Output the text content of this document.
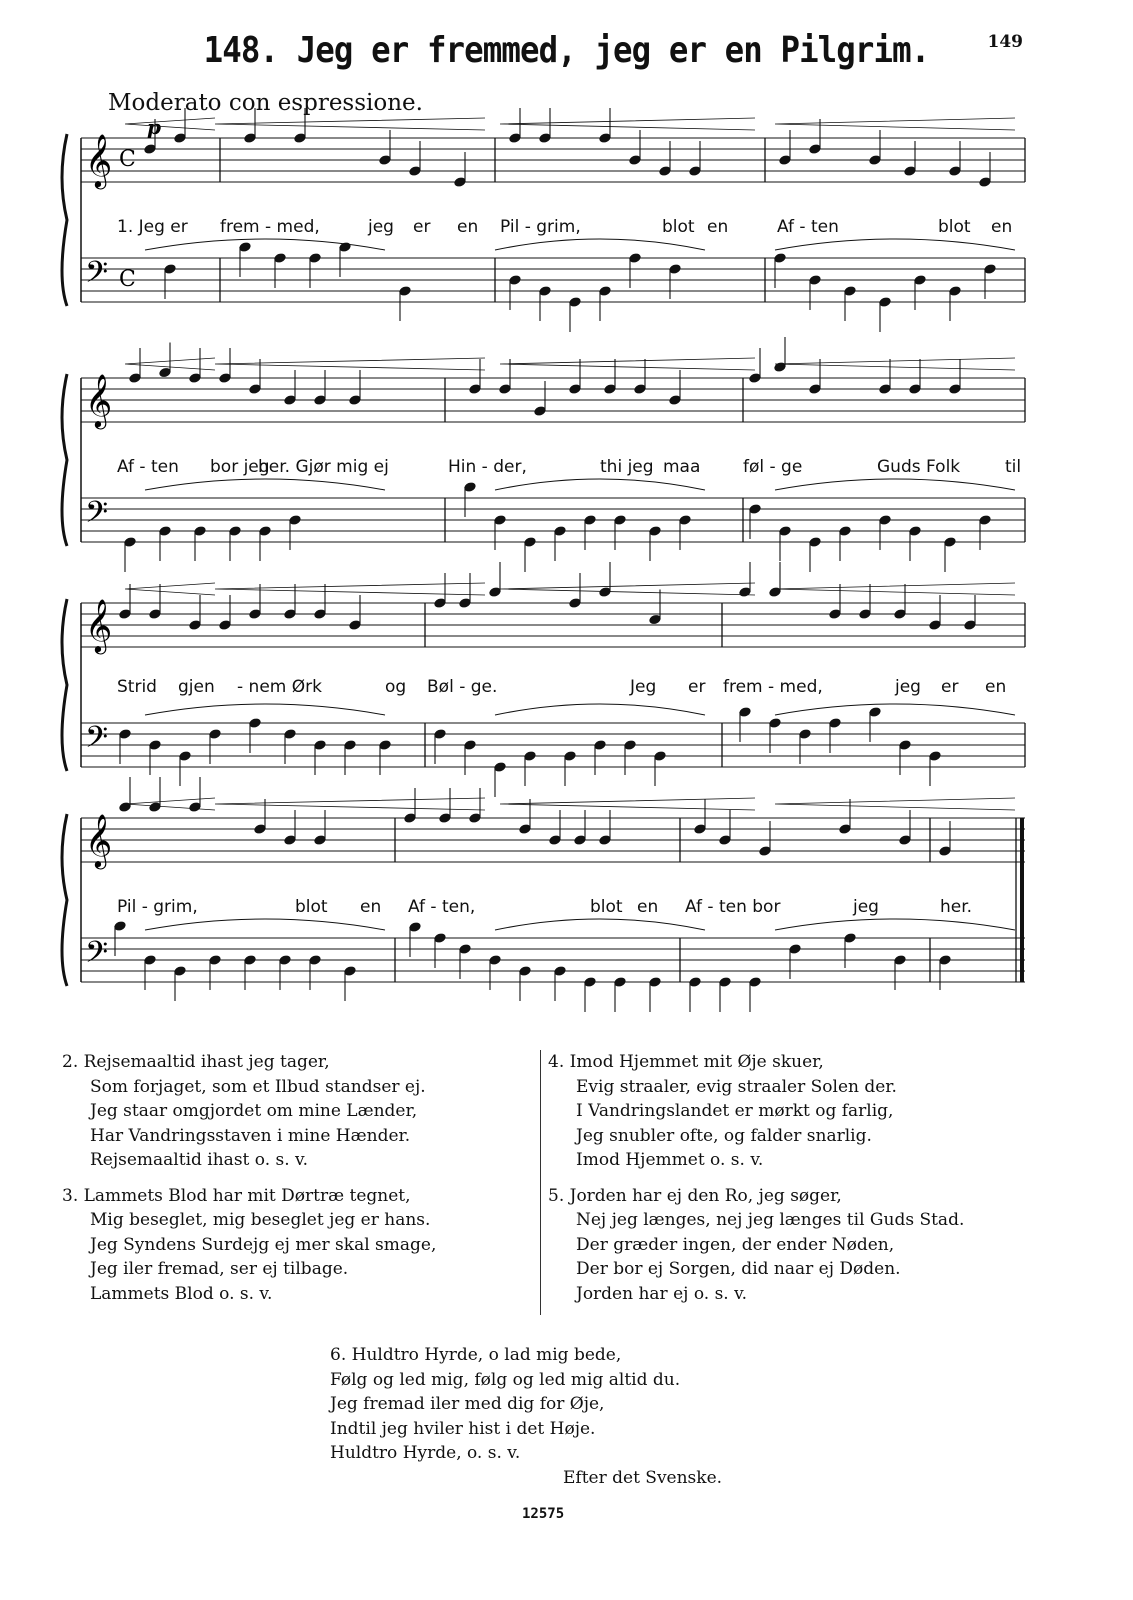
149
148. Jeg er fremmed, jeg er en Pilgrim.
Moderato con espressione.
𝄞
𝄢
C
C
p
1. Jeg er frem - med,	jeg er en Pil - grim,	blot en	Af - ten	blot en
𝄞
𝄢
Af - ten bor jeg
her. Gjør mig ej	Hin - der,	thi jeg maa	føl - ge	Guds Folk	til
𝄞
𝄢
Strid gjen - nem Ørk	og Bøl - ge.	Jeg er frem - med,	jeg er en
𝄞
𝄢
Pil - grim,	blot en Af - ten,	blot en Af - ten bor	jeg	her.
2. Rejsemaaltid ihast jeg tager,
Som forjaget, som et Ilbud standser ej.
Jeg staar omgjordet om mine Lænder,
Har Vandringsstaven i mine Hænder.
Rejsemaaltid ihast o. s. v.
3. Lammets Blod har mit Dørtræ tegnet,
Mig beseglet, mig beseglet jeg er hans.
Jeg Syndens Surdejg ej mer skal smage,
Jeg iler fremad, ser ej tilbage.
Lammets Blod o. s. v.
4. Imod Hjemmet mit Øje skuer,
Evig straaler, evig straaler Solen der.
I Vandringslandet er mørkt og farlig,
Jeg snubler ofte, og falder snarlig.
Imod Hjemmet o. s. v.
5. Jorden har ej den Ro, jeg søger,
Nej jeg længes, nej jeg længes til Guds Stad.
Der græder ingen, der ender Nøden,
Der bor ej Sorgen, did naar ej Døden.
Jorden har ej o. s. v.
6. Huldtro Hyrde, o lad mig bede,
Følg og led mig, følg og led mig altid du.
Jeg fremad iler med dig for Øje,
Indtil jeg hviler hist i det Høje.
Huldtro Hyrde, o. s. v.
Efter det Svenske.
12575
